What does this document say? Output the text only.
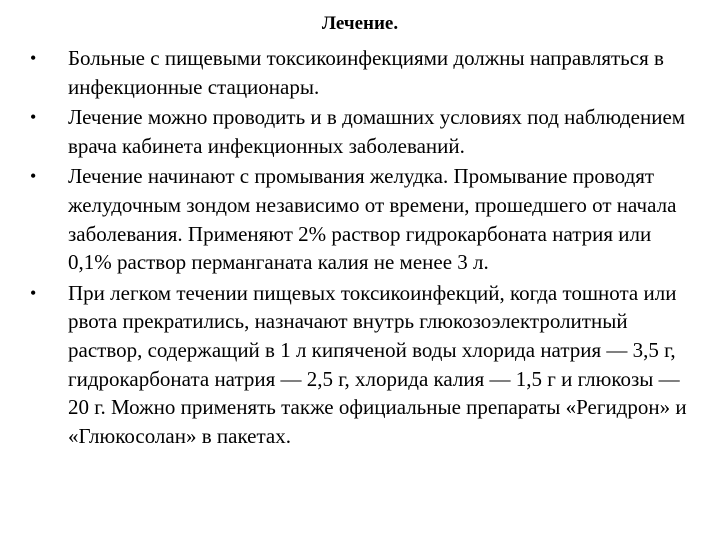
Лечение.
•	Больные с пищевыми токсикоинфекциями должны направляться в инфекционные стационары.
•	Лечение можно проводить и в домашних условиях под наблюдением врача кабинета инфекционных заболеваний.
•	Лечение начинают с промывания желудка. Промывание проводят желудочным зондом независимо от времени, прошедшего от начала заболевания. Применяют 2% раствор гидрокарбоната натрия или 0,1% раствор перманганата калия не менее 3 л.
•	При легком течении пищевых токсикоинфекций, когда тошнота или рвота прекратились, назначают внутрь глюкозоэлектролитный раствор, содержащий в 1 л кипяченой воды хлорида натрия — 3,5 г, гидрокарбоната натрия — 2,5 г, хлорида калия — 1,5 г и глюкозы — 20 г. Можно применять также официальные препараты «Регидрон» и «Глюкосолан» в пакетах.
